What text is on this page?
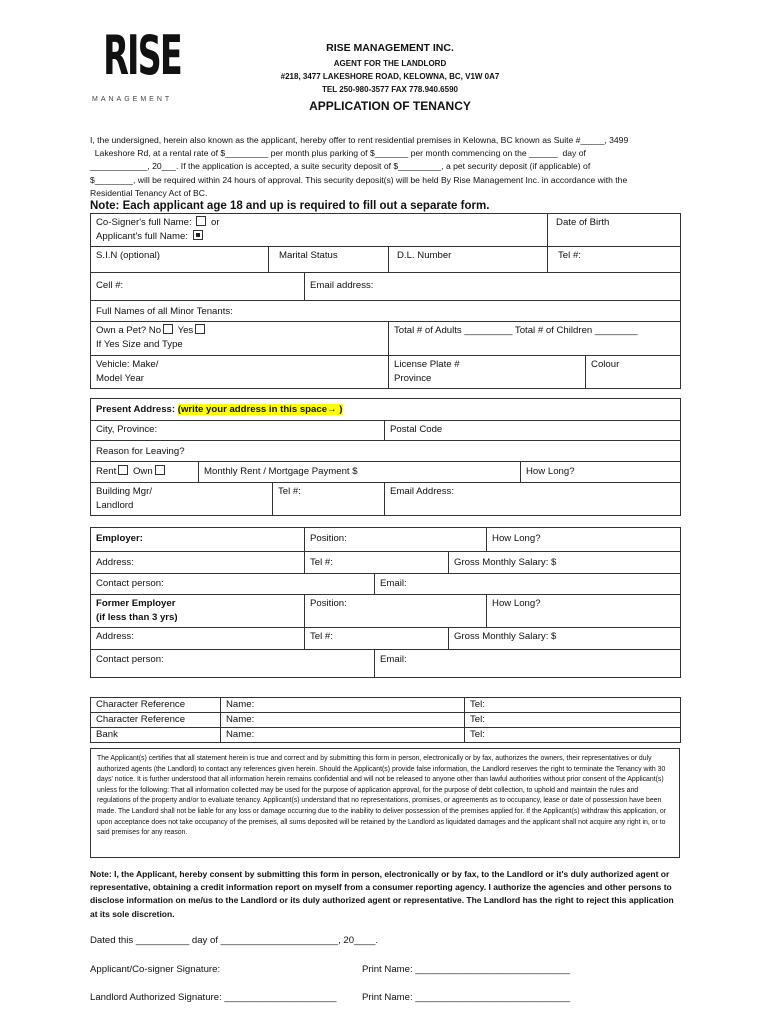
RISE
MANAGEMENT
RISE MANAGEMENT INC.
AGENT FOR THE LANDLORD
#218, 3477 LAKESHORE ROAD, KELOWNA, BC, V1W 0A7
TEL 250-980-3577 FAX 778.940.6590
APPLICATION OF TENANCY
I, the undersigned, herein also known as the applicant, hereby offer to rent residential premises in Kelowna, BC known as Suite #_____, 3499
Lakeshore Rd, at a rental rate of $_________ per month plus parking of $_______ per month commencing on the ______  day of
____________, 20___. If the application is accepted, a suite security deposit of $_________, a pet security deposit (if applicable) of
$________, will be required within 24 hours of approval. This security deposit(s) will be held By Rise Management Inc. in accordance with the
Residential Tenancy Act of BC.
Note: Each applicant age 18 and up is required to fill out a separate form.
Co-Signer's full Name: or
Applicant's full Name:				Date of Birth	
S.I.N (optional)	Marital Status		D.L. Number	Tel #:	
Cell #:		Email address:			
Full Names of all Minor Tenants:					
Own a Pet? No Yes
If Yes Size and Type			Total # of Adults _________ Total # of Children ________		
Vehicle: Make/
Model Year			License Plate #
Province		Colour
Present Address: (write your address in this space→ )				
City, Province:			Postal Code	
Reason for Leaving?				
Rent Own	Monthly Rent / Mortgage Payment $			How Long?
Building Mgr/
Landlord		Tel #:	Email Address:	
Employer:	Position:			How Long?
Address:	Tel #:		Gross Monthly Salary: $	
Contact person:		Email:		
Former Employer
(if less than 3 yrs)	Position:			How Long?
Address:	Tel #:		Gross Monthly Salary: $	
Contact person:		Email:		
Character Reference	Name:	Tel:
Character Reference	Name:	Tel:
Bank	Name:	Tel:
The Applicant(s) certifies that all statement herein is true and correct and by submitting this form in person, electronically or by fax, authorizes the owners, their representatives or duly authorized agents (the Landlord) to contact any references given herein. Should the Applicant(s) provide false information, the Landlord reserves the right to terminate the Tenancy with 30 days' notice. It is further understood that all information herein remains confidential and will not be released to anyone other than lawful authorities without prior consent of the Applicant(s) unless for the following: That all information collected may be used for the purpose of application approval, for the purpose of debt collection, to uphold and maintain the rules and regulations of the property and/or to evaluate tenancy. Applicant(s) understand that no representations, promises, or agreements as to occupancy, lease or date of possession have been made. The Landlord shall not be liable for any loss or damage occurring due to the inability to deliver possession of the premises applied for. If the Applicant(s) withdraw this application, or upon acceptance does not take occupancy of the premises, all sums deposited will be retained by the Landlord as liquidated damages and the applicant shall not acquire any right in, or to said premises for any reason.
Note: I, the Applicant, hereby consent by submitting this form in person, electronically or by fax, to the Landlord or it's duly authorized agent or representative, obtaining a credit information report on myself from a consumer reporting agency. I authorize the agencies and other persons to disclose information on me/us to the Landlord or its duly authorized agent or representative. The Landlord has the right to reject this application at its sole discretion.
Dated this __________ day of ______________________, 20____.
Applicant/Co-signer Signature:	Print Name: _____________________________
Landlord Authorized Signature: _____________________	Print Name: _____________________________
